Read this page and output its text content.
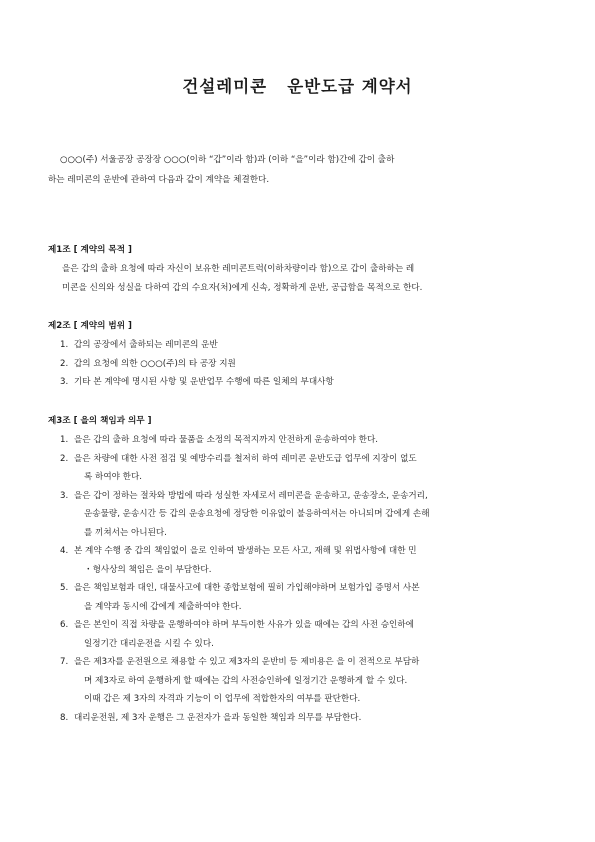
건설레미콘   운반도급 계약서
○○○(주) 서울공장 공장장 ○○○(이하 “갑”이라 함)과 (이하 “을”이라 함)간에 갑이 출하
하는 레미콘의 운반에 관하여 다음과 같이 계약을 체결한다.
제1조 [ 계약의 목적 ]
을은 갑의 출하 요청에 따라 자신이 보유한 레미콘트럭(이하차량이라 함)으로 갑이 출하하는 레
미콘을 신의와 성실을 다하여 갑의 수요자(처)에게 신속, 정확하게 운반, 공급함을 목적으로 한다.
제2조 [ 계약의 범위 ]
1. 갑의 공장에서 출하되는 레미콘의 운반
2. 갑의 요청에 의한 ○○○(주)의 타 공장 지원
3. 기타 본 계약에 명시된 사항 및 운반업무 수행에 따른 일체의 부대사항
제3조 [ 을의 책임과 의무 ]
1. 을은 갑의 출하 요청에 따라 물품을 소정의 목적지까지 안전하게 운송하여야 한다.
2. 을은 차량에 대한 사전 점검 및 예방수리를 철저히 하여 레미콘 운반도급 업무에 지장이 없도
록 하여야 한다.
3. 을은 갑이 정하는 절차와 방법에 따라 성실한 자세로서 레미콘을 운송하고, 운송장소, 운송거리,
운송물량, 운송시간 등 갑의 운송요청에 정당한 이유없이 불응하여서는 아니되며 갑에게 손해
를 끼쳐서는 아니된다.
4. 본 계약 수행 중 갑의 책임없이 을로 인하여 발생하는 모든 사고, 재해 및 위법사항에 대한 민
・형사상의 책임은 을이 부담한다.
5. 을은 책임보험과 대인, 대물사고에 대한 종합보험에 필히 가입해야하며 보험가입 증명서 사본
을 계약과 동시에 갑에게 제출하여야 한다.
6. 을은 본인이 직접 차량을 운행하여야 하며 부득이한 사유가 있을 때에는 갑의 사전 승인하에
일정기간 대리운전을 시킬 수 있다.
7. 을은 제3자를 운전원으로 채용할 수 있고 제3자의 운반비 등 제비용은 을 이 전적으로 부담하
며 제3자로 하여 운행하게 할 때에는 갑의 사전승인하에 일정기간 운행하게 할 수 있다.
이때 갑은 제 3자의 자격과 기능이 이 업무에 적합한자의 여부를 판단한다.
8. 대리운전원, 제 3자 운행은 그 운전자가 을과 동일한 책임과 의무를 부담한다.
